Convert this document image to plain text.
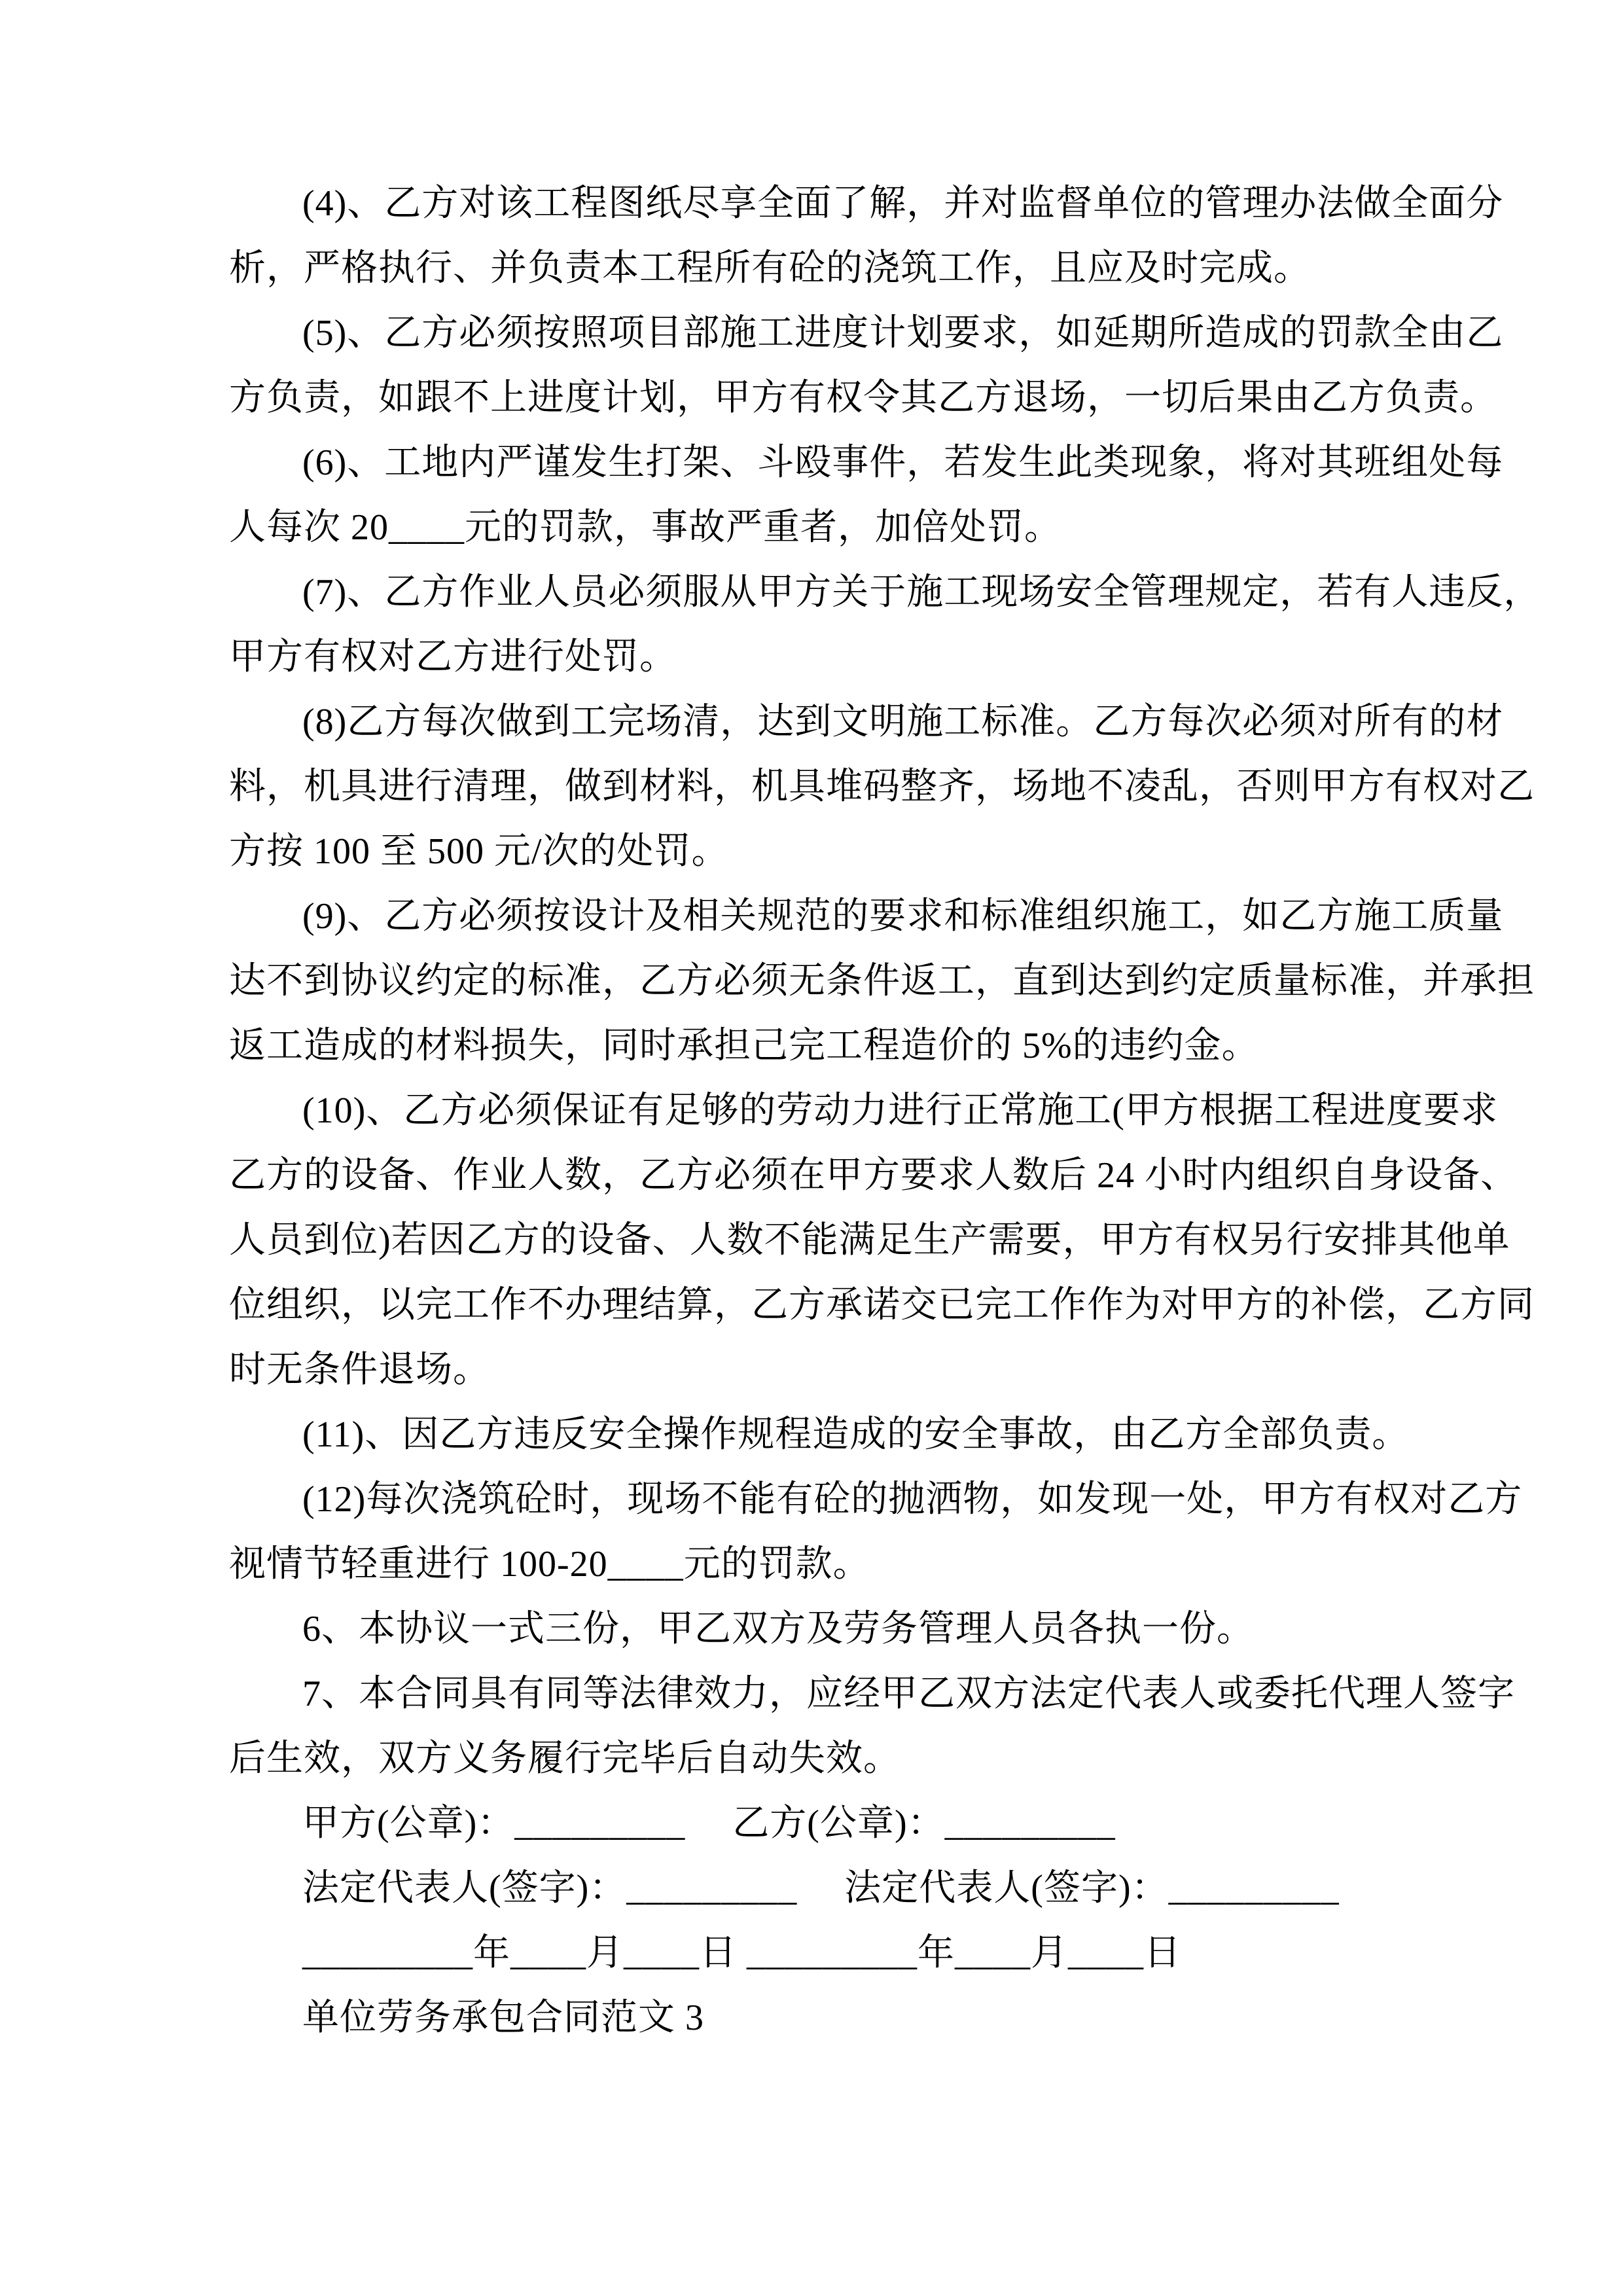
(4)、乙方对该工程图纸尽享全面了解，并对监督单位的管理办法做全面分
析，严格执行、并负责本工程所有砼的浇筑工作，且应及时完成。
(5)、乙方必须按照项目部施工进度计划要求，如延期所造成的罚款全由乙
方负责，如跟不上进度计划，甲方有权令其乙方退场，一切后果由乙方负责。
(6)、工地内严谨发生打架、斗殴事件，若发生此类现象，将对其班组处每
人每次 20____元的罚款，事故严重者，加倍处罚。
(7)、乙方作业人员必须服从甲方关于施工现场安全管理规定，若有人违反，
甲方有权对乙方进行处罚。
(8)乙方每次做到工完场清，达到文明施工标准。乙方每次必须对所有的材
料，机具进行清理，做到材料，机具堆码整齐，场地不凌乱，否则甲方有权对乙
方按 100 至 500 元/次的处罚。
(9)、乙方必须按设计及相关规范的要求和标准组织施工，如乙方施工质量
达不到协议约定的标准，乙方必须无条件返工，直到达到约定质量标准，并承担
返工造成的材料损失，同时承担己完工程造价的 5%的违约金。
(10)、乙方必须保证有足够的劳动力进行正常施工(甲方根据工程进度要求
乙方的设备、作业人数，乙方必须在甲方要求人数后 24 小时内组织自身设备、
人员到位)若因乙方的设备、人数不能满足生产需要，甲方有权另行安排其他单
位组织，以完工作不办理结算，乙方承诺交已完工作作为对甲方的补偿，乙方同
时无条件退场。
(11)、因乙方违反安全操作规程造成的安全事故，由乙方全部负责。
(12)每次浇筑砼时，现场不能有砼的抛洒物，如发现一处，甲方有权对乙方
视情节轻重进行 100-20____元的罚款。
6、本协议一式三份，甲乙双方及劳务管理人员各执一份。
7、本合同具有同等法律效力，应经甲乙双方法定代表人或委托代理人签字
后生效，双方义务履行完毕后自动失效。
甲方(公章)：_________　 乙方(公章)：_________
法定代表人(签字)：_________　 法定代表人(签字)：_________
_________年____月____日 _________年____月____日
单位劳务承包合同范文 3
